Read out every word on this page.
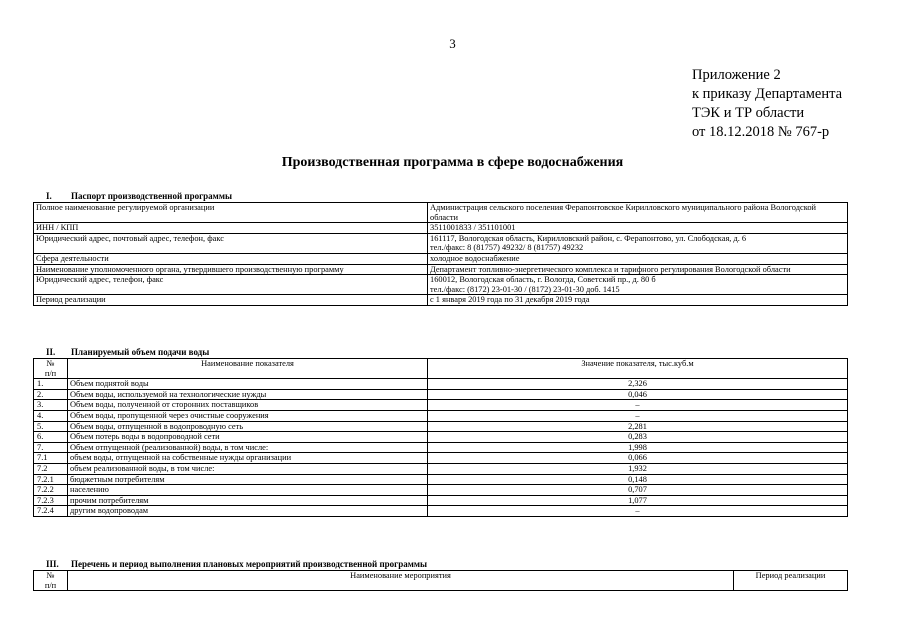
3
Приложение 2
к приказу Департамента
ТЭК и ТР области
от 18.12.2018 № 767-р
Производственная программа в сфере водоснабжения
I. Паспорт производственной программы
Полное наименование регулируемой организации	Администрация сельского поселения Ферапонтовское Кирилловского муниципального района Вологодской области
ИНН / КПП	3511001833 / 351101001
Юридический адрес, почтовый адрес, телефон, факс	161117, Вологодская область, Кирилловский район, с. Ферапонтово, ул. Слободская, д. 6
тел./факс: 8 (81757) 49232/ 8 (81757) 49232

Сфера деятельности	холодное водоснабжение
Наименование уполномоченного органа, утвердившего производственную программу	Департамент топливно-энергетического комплекса и тарифного регулирования Вологодской области
Юридический адрес, телефон, факс	160012, Вологодская область, г. Вологда, Советский пр., д. 80 б
тел./факс: (8172) 23-01-30 / (8172) 23-01-30 доб. 1415

Период реализации	с 1 января 2019 года по 31 декабря 2019 года
II. Планируемый объем подачи воды
№
п/п	Наименование показателя	Значение показателя, тыс.куб.м
1.	Объем поднятой воды	2,326
2.	Объем воды, используемой на технологические нужды	0,046
3.	Объем воды, полученной от сторонних поставщиков	–
4.	Объем воды, пропущенной через очистные сооружения	–
5.	Объем воды, отпущенной в водопроводную сеть	2,281
6.	Объем потерь воды в водопроводной сети	0,283
7.	Объем отпущенной (реализованной) воды, в том числе:	1,998
7.1	объем воды, отпущенной на собственные нужды организации	0,066
7.2	объем реализованной воды, в том числе:	1,932
7.2.1	бюджетным потребителям	0,148
7.2.2	населению	0,707
7.2.3	прочим потребителям	1,077
7.2.4	другим водопроводам	–
III. Перечень и период выполнения плановых мероприятий производственной программы
№
п/п
	Наименование мероприятия	Период реализации
